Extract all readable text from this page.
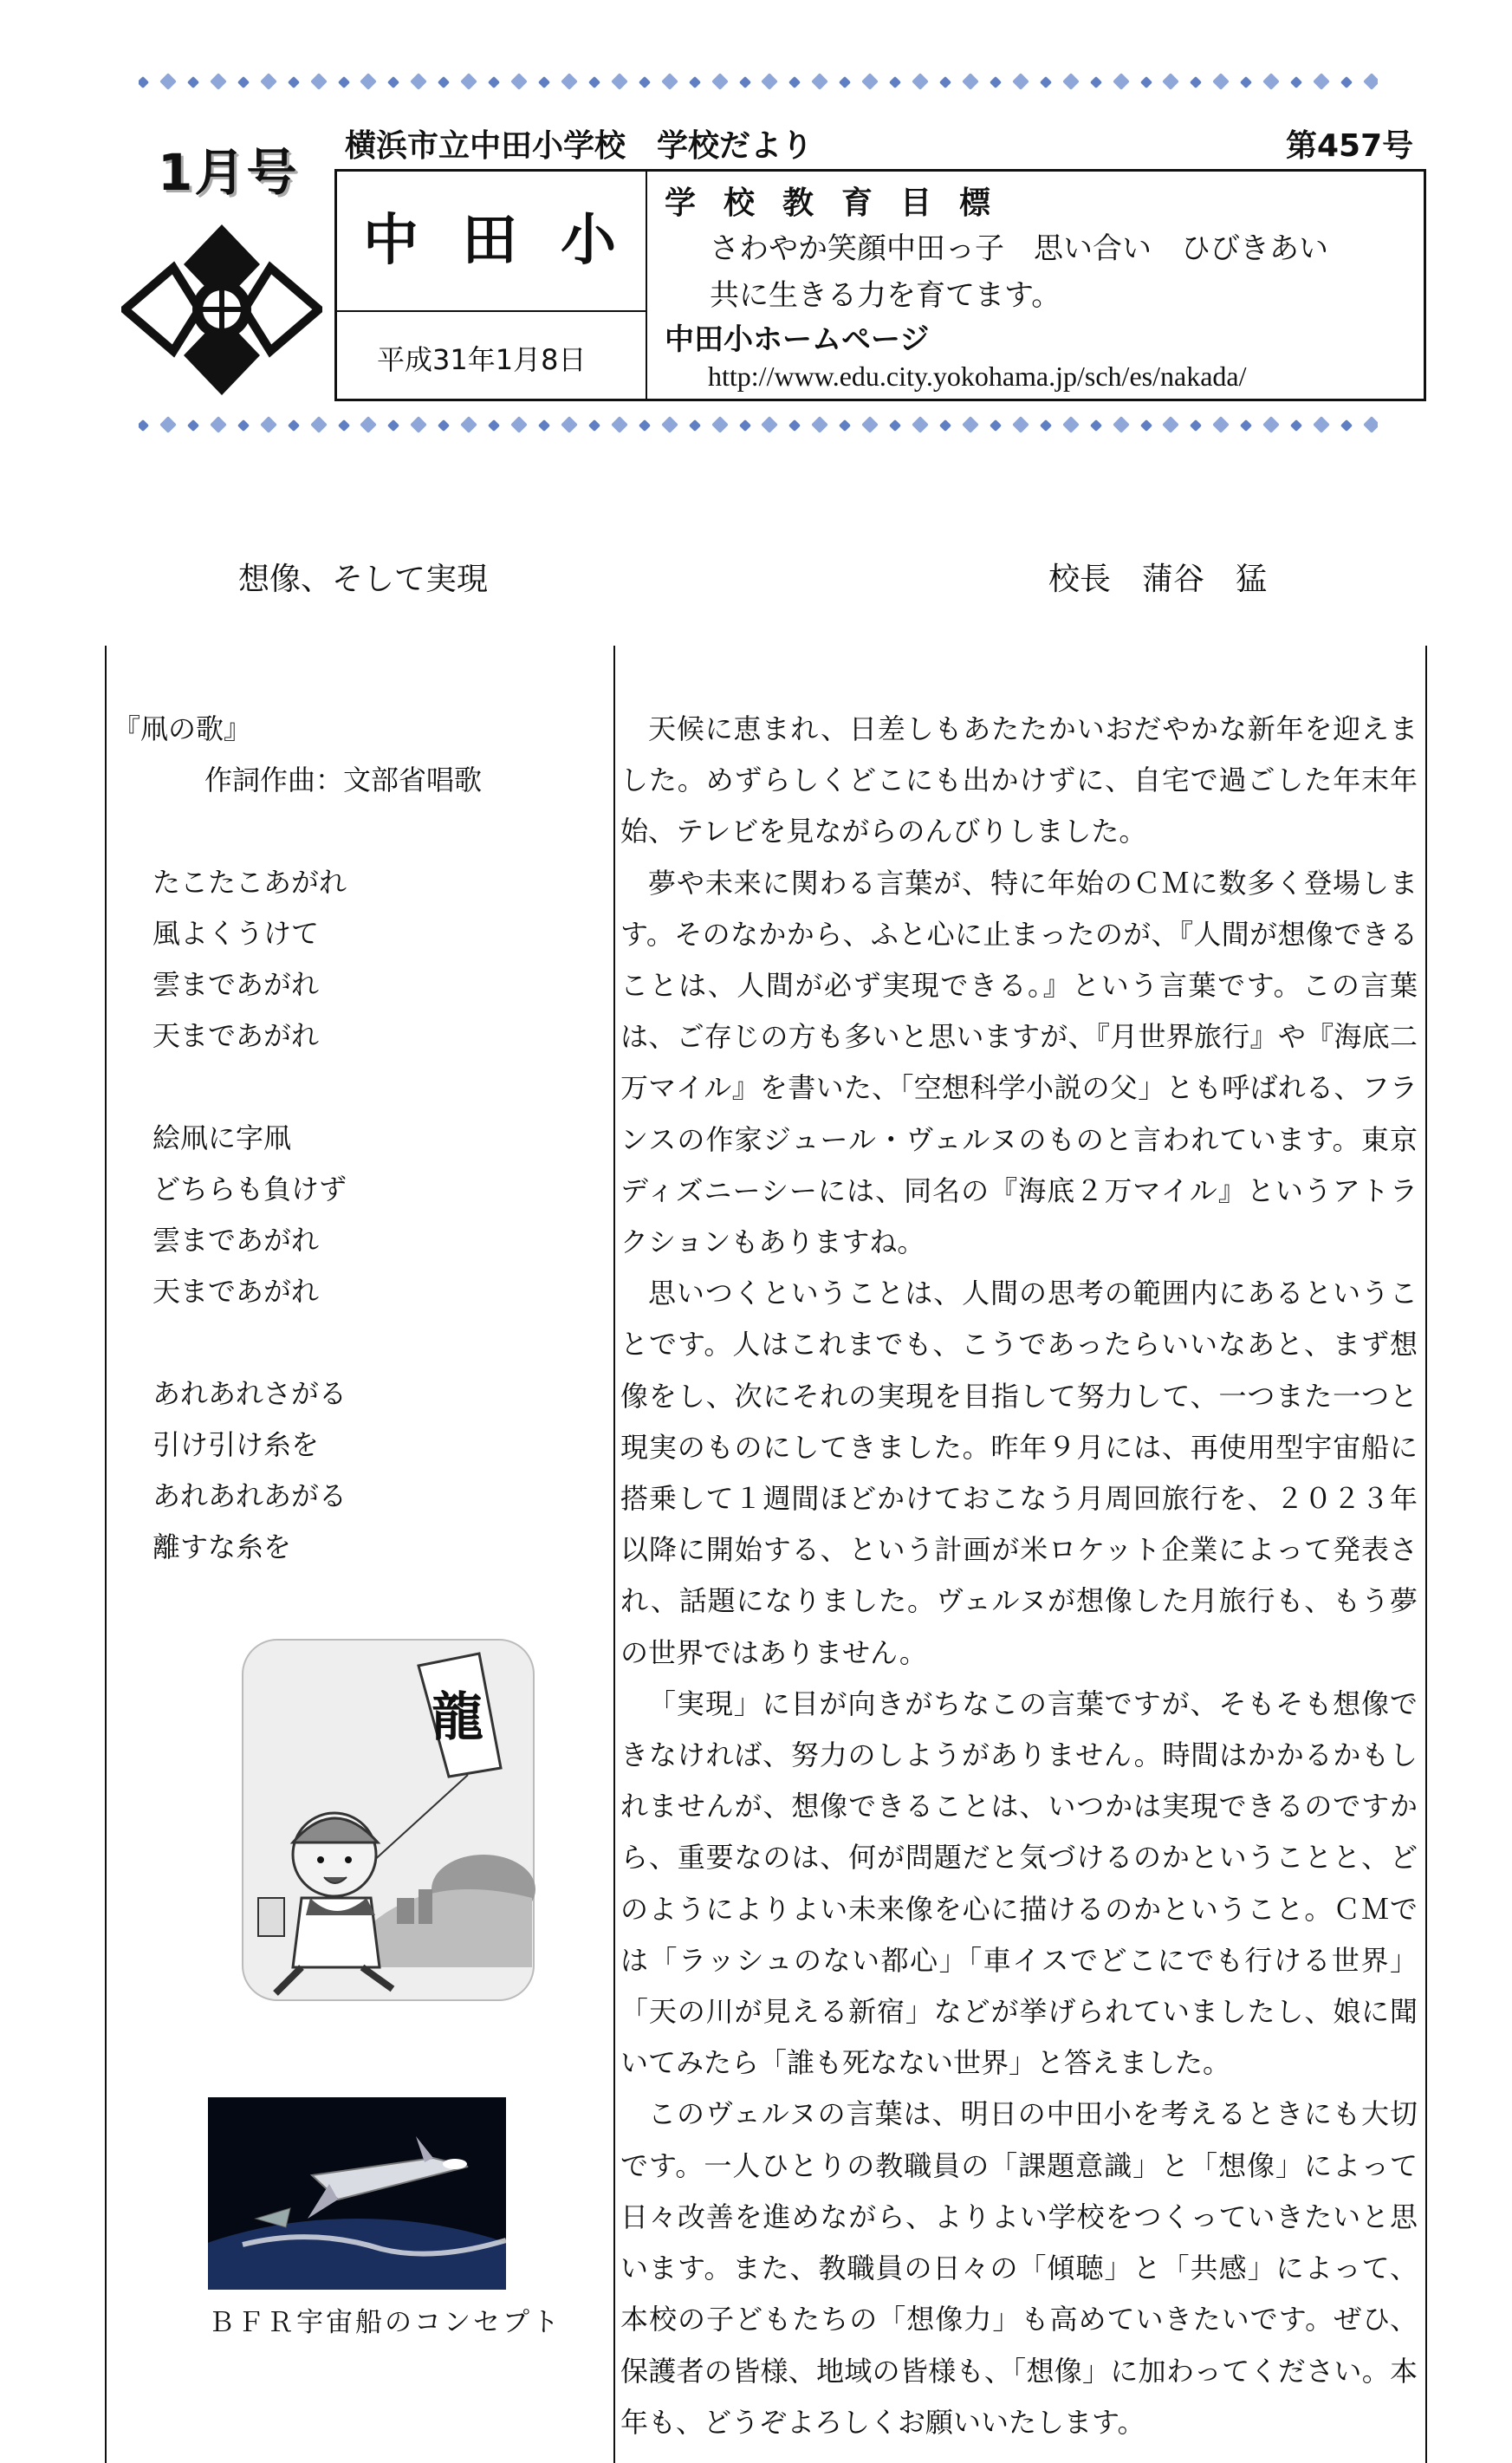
1月号 横浜市立中田小学校 学校だより	第457号
中田小
平成31年1月8日
学校教育目標
さわやか笑顔中田っ子　思い合い　ひびきあい
共に生きる力を育てます。
中田小ホームページ
http://www.edu.city.yokohama.jp/sch/es/nakada/
想像、そして実現	校長　蒲谷　猛
『凧の歌』
作詞作曲：文部省唱歌
たこたこあがれ
風よくうけて
雲まであがれ
天まであがれ
絵凧に字凧
どちらも負けず
雲まであがれ
天まであがれ
あれあれさがる
引け引け糸を
あれあれあがる
離すな糸を
龍
ＢＦＲ宇宙船のコンセプト

天候に恵まれ、日差しもあたたかいおだやかな新年を迎えました。めずらしくどこにも出かけずに、自宅で過ごした年末年始、テレビを見ながらのんびりしました。

夢や未来に関わる言葉が、特に年始のＣＭに数多く登場します。そのなかから、ふと心に止まったのが、『人間が想像できることは、人間が必ず実現できる。』という言葉です。この言葉は、ご存じの方も多いと思いますが、『月世界旅行』や『海底二万マイル』を書いた、「空想科学小説の父」とも呼ばれる、フランスの作家ジュール・ヴェルヌのものと言われています。東京ディズニーシーには、同名の『海底２万マイル』というアトラクションもありますね。

思いつくということは、人間の思考の範囲内にあるということです。人はこれまでも、こうであったらいいなあと、まず想像をし、次にそれの実現を目指して努力して、一つまた一つと現実のものにしてきました。昨年９月には、再使用型宇宙船に搭乗して１週間ほどかけておこなう月周回旅行を、２０２３年以降に開始する、という計画が米ロケット企業によって発表され、話題になりました。ヴェルヌが想像した月旅行も、もう夢の世界ではありません。

「実現」に目が向きがちなこの言葉ですが、そもそも想像できなければ、努力のしようがありません。時間はかかるかもしれませんが、想像できることは、いつかは実現できるのですから、重要なのは、何が問題だと気づけるのかということと、どのようによりよい未来像を心に描けるのかということ。ＣＭでは「ラッシュのない都心」「車イスでどこにでも行ける世界」「天の川が見える新宿」などが挙げられていましたし、娘に聞いてみたら「誰も死なない世界」と答えました。

このヴェルヌの言葉は、明日の中田小を考えるときにも大切です。一人ひとりの教職員の「課題意識」と「想像」によって日々改善を進めながら、よりよい学校をつくっていきたいと思います。また、教職員の日々の「傾聴」と「共感」によって、本校の子どもたちの「想像力」も高めていきたいです。ぜひ、保護者の皆様、地域の皆様も、「想像」に加わってください。本年も、どうぞよろしくお願いいたします。
